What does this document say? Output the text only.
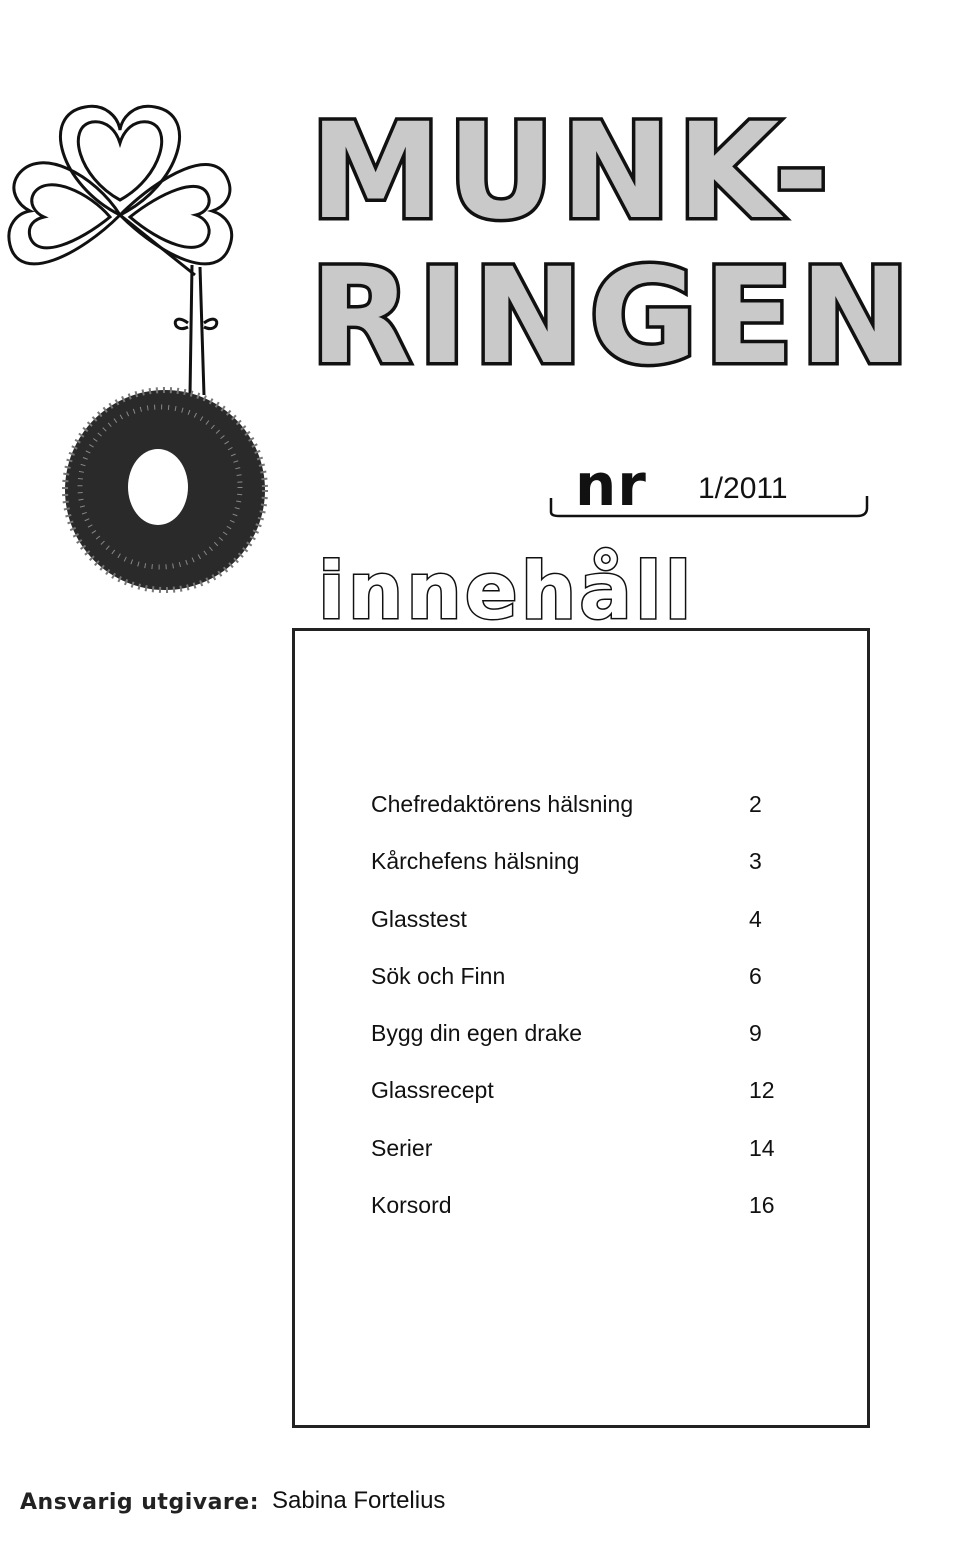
MUNK-
RINGEN
nr 1/2011
innehåll
Chefredaktörens hälsning	2
Kårchefens hälsning	3
Glasstest	4
Sök och Finn	6
Bygg din egen drake	9
Glassrecept	12
Serier	14
Korsord	16
Ansvarig utgivare: Sabina Fortelius
